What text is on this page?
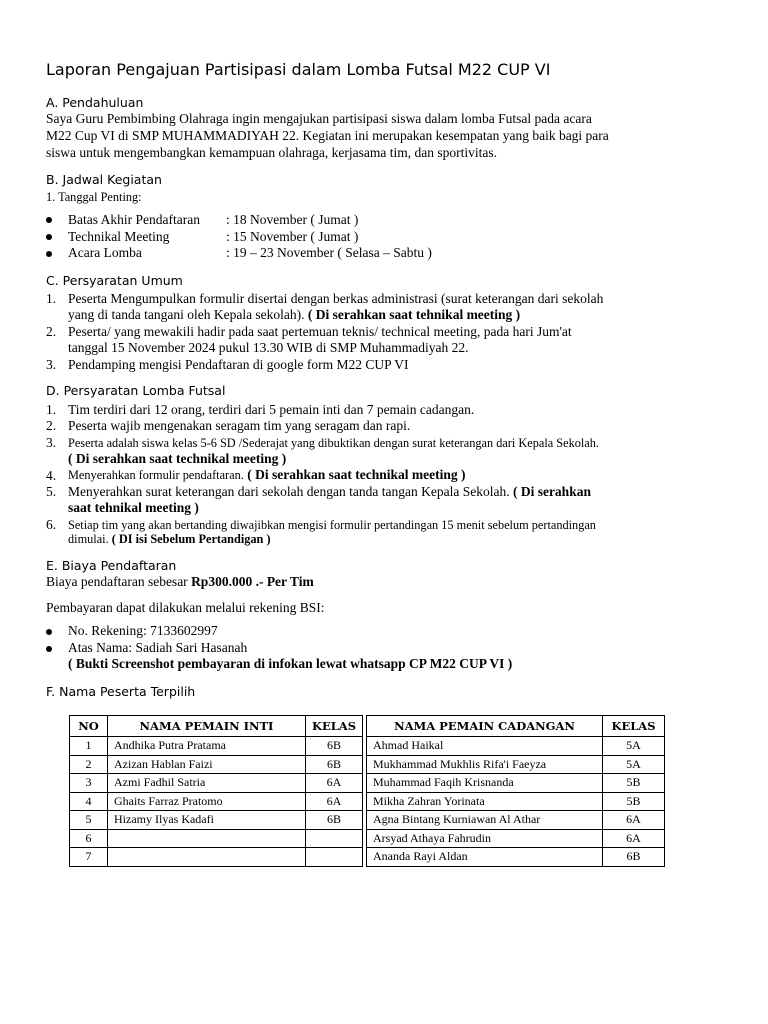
Laporan Pengajuan Partisipasi dalam Lomba Futsal M22 CUP VI
A. Pendahuluan
Saya Guru Pembimbing Olahraga ingin mengajukan partisipasi siswa dalam lomba Futsal pada acara
M22 Cup VI di SMP MUHAMMADIYAH 22. Kegiatan ini merupakan kesempatan yang baik bagi para
siswa untuk mengembangkan kemampuan olahraga, kerjasama tim, dan sportivitas.
B. Jadwal Kegiatan
1. Tanggal Penting:
Batas Akhir Pendaftaran : 18 November ( Jumat )
Technikal Meeting	: 15 November ( Jumat )
Acara Lomba	: 19 – 23 November ( Selasa – Sabtu )
C. Persyaratan Umum
1. Peserta Mengumpulkan formulir disertai dengan berkas administrasi (surat keterangan dari sekolah
yang di tanda tangani oleh Kepala sekolah). ( Di serahkan saat tehnikal meeting )
2. Peserta/ yang mewakili hadir pada saat pertemuan teknis/ technical meeting, pada hari Jum'at
tanggal 15 November 2024 pukul 13.30 WIB di SMP Muhammadiyah 22.
3. Pendamping mengisi Pendaftaran di google form M22 CUP VI
D. Persyaratan Lomba Futsal
1. Tim terdiri dari 12 orang, terdiri dari 5 pemain inti dan 7 pemain cadangan.
2. Peserta wajib mengenakan seragam tim yang seragam dan rapi.
3. Peserta adalah siswa kelas 5-6 SD /Sederajat yang dibuktikan dengan surat keterangan dari Kepala Sekolah.
( Di serahkan saat technikal meeting )
4. Menyerahkan formulir pendaftaran. ( Di serahkan saat technikal meeting )
5. Menyerahkan surat keterangan dari sekolah dengan tanda tangan Kepala Sekolah. ( Di serahkan
saat tehnikal meeting )
6. Setiap tim yang akan bertanding diwajibkan mengisi formulir pertandingan 15 menit sebelum pertandingan
dimulai. ( DI isi Sebelum Pertandigan )
E. Biaya Pendaftaran
Biaya pendaftaran sebesar Rp300.000 .- Per Tim
Pembayaran dapat dilakukan melalui rekening BSI:
No. Rekening: 7133602997
Atas Nama: Sadiah Sari Hasanah
( Bukti Screenshot pembayaran di infokan lewat whatsapp CP M22 CUP VI )
F. Nama Peserta Terpilih
NO	NAMA PEMAIN INTI	KELAS		NAMA PEMAIN CADANGAN	KELAS
1	Andhika Putra Pratama	6B		Ahmad Haikal	5A
2	Azizan Hablan Faizi	6B		Mukhammad Mukhlis Rifa'i Faeyza	5A
3	Azmi Fadhil Satria	6A		Muhammad Faqih Krisnanda	5B
4	Ghaits Farraz Pratomo	6A		Mikha Zahran Yorinata	5B
5	Hizamy Ilyas Kadafi	6B		Agna Bintang Kurniawan Al Athar	6A
6				Arsyad Athaya Fahrudin	6A
7				Ananda Rayi Aldan	6B
